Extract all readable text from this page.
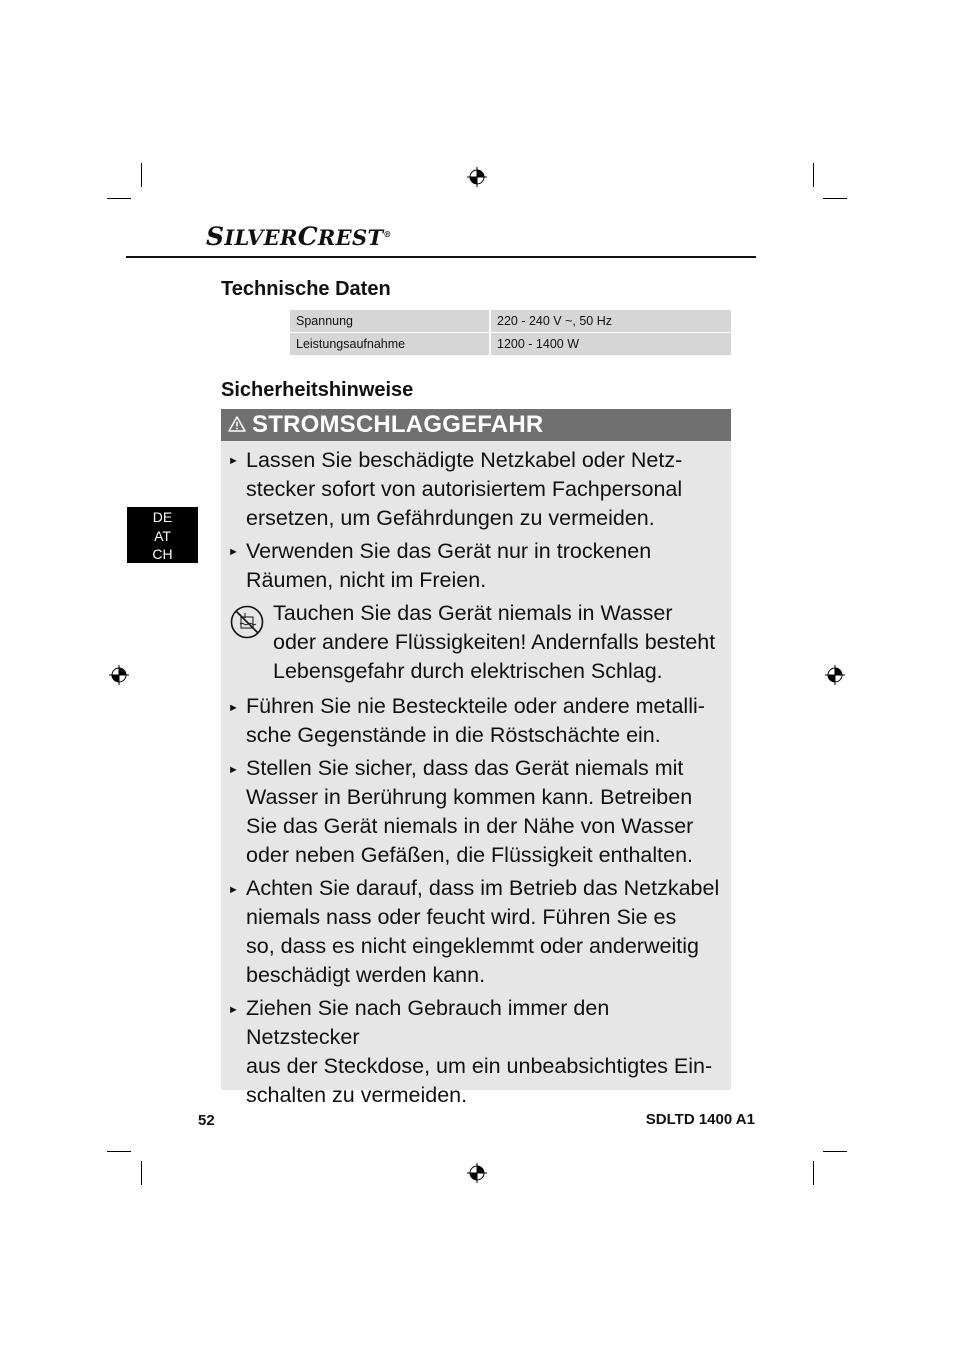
SILVERCREST®
Technische Daten
Spannung	220 - 240 V ~, 50 Hz
Leistungsaufnahme	1200 - 1400 W
Sicherheitshinweise
DE
AT
CH
STROMSCHLAGGEFAHR
► Lassen Sie beschädigte Netzkabel oder Netz-
stecker sofort von autorisiertem Fachpersonal
ersetzen, um Gefährdungen zu vermeiden.
► Verwenden Sie das Gerät nur in trockenen
Räumen, nicht im Freien.
Tauchen Sie das Gerät niemals in Wasser
oder andere Flüssigkeiten! Andernfalls besteht
Lebensgefahr durch elektrischen Schlag.
► Führen Sie nie Besteckteile oder andere metalli-
sche Gegenstände in die Röstschächte ein.
► Stellen Sie sicher, dass das Gerät niemals mit
Wasser in Berührung kommen kann. Betreiben
Sie das Gerät niemals in der Nähe von Wasser
oder neben Gefäßen, die Flüssigkeit enthalten.
► Achten Sie darauf, dass im Betrieb das Netzkabel
niemals nass oder feucht wird. Führen Sie es
so, dass es nicht eingeklemmt oder anderweitig
beschädigt werden kann.
► Ziehen Sie nach Gebrauch immer den Netzstecker
aus der Steckdose, um ein unbeabsichtigtes Ein-
schalten zu vermeiden.
52	SDLTD 1400 A1
